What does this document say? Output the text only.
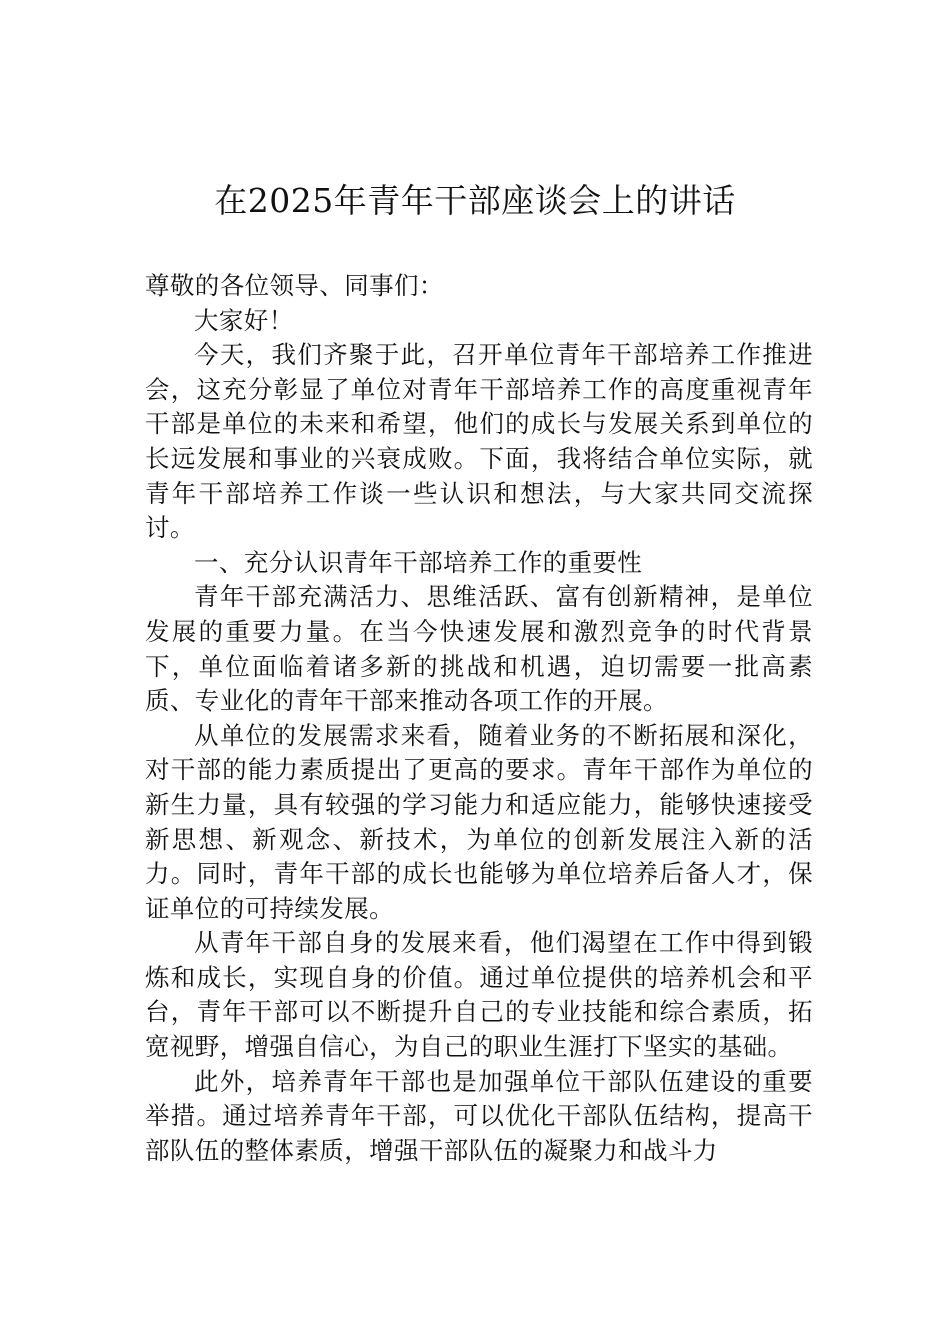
在2025年青年干部座谈会上的讲话

尊敬的各位领导、同事们：

大家好！

今天，我们齐聚于此，召开单位青年干部培养工作推进会，这充分彰显了单位对青年干部培养工作的高度重视青年干部是单位的未来和希望，他们的成长与发展关系到单位的长远发展和事业的兴衰成败。下面，我将结合单位实际，就青年干部培养工作谈一些认识和想法，与大家共同交流探讨。

一、充分认识青年干部培养工作的重要性

青年干部充满活力、思维活跃、富有创新精神，是单位发展的重要力量。在当今快速发展和激烈竞争的时代背景下，单位面临着诸多新的挑战和机遇，迫切需要一批高素质、专业化的青年干部来推动各项工作的开展。

从单位的发展需求来看，随着业务的不断拓展和深化，对干部的能力素质提出了更高的要求。青年干部作为单位的新生力量，具有较强的学习能力和适应能力，能够快速接受新思想、新观念、新技术，为单位的创新发展注入新的活力。同时，青年干部的成长也能够为单位培养后备人才，保证单位的可持续发展。

从青年干部自身的发展来看，他们渴望在工作中得到锻炼和成长，实现自身的价值。通过单位提供的培养机会和平台，青年干部可以不断提升自己的专业技能和综合素质，拓宽视野，增强自信心，为自己的职业生涯打下坚实的基础。

此外，培养青年干部也是加强单位干部队伍建设的重要举措。通过培养青年干部，可以优化干部队伍结构，提高干部队伍的整体素质，增强干部队伍的凝聚力和战斗力
